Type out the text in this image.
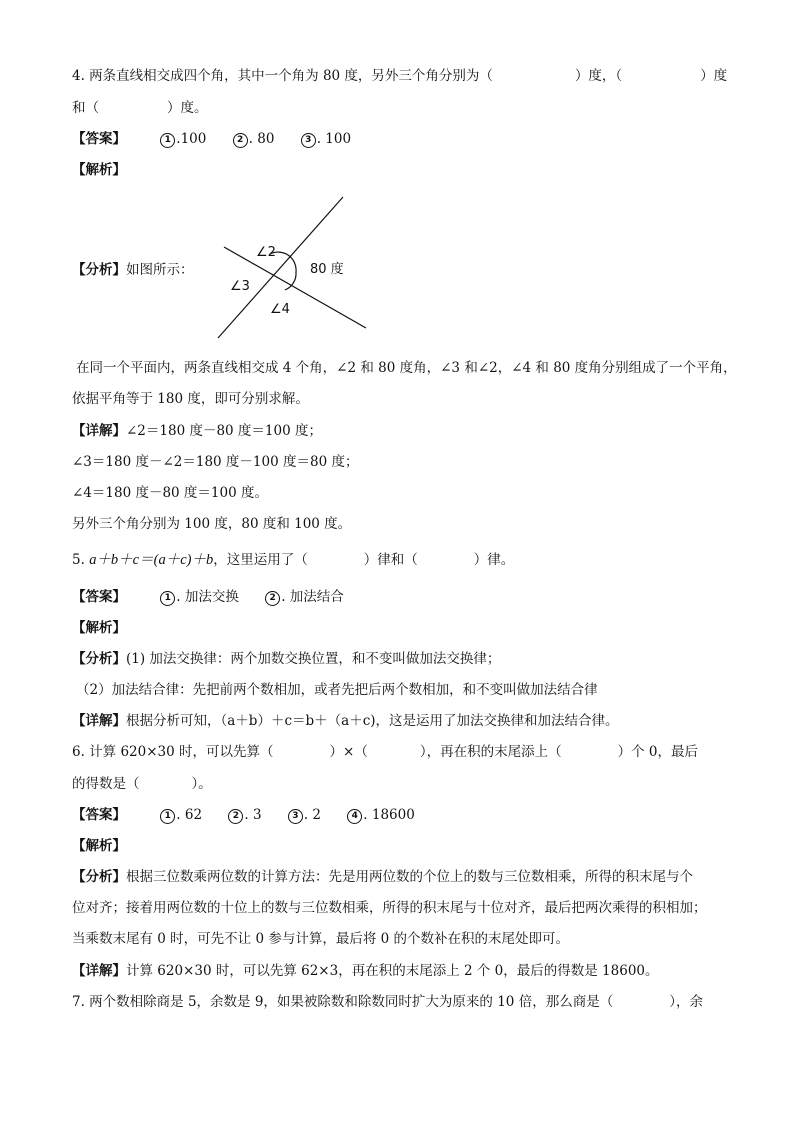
4. 两条直线相交成四个角，其中一个角为 80 度，另外三个角分别为（	）度，（	）度
和（	）度。
【答案】	1 .100	2 . 80	3 . 100
【解析】
【分析】如图所示：
∠2
∠3
∠4
80 度
在同一个平面内，两条直线相交成 4 个角，∠2 和 80 度角，∠3 和∠2，∠4 和 80 度角分别组成了一个平角，
依据平角等于 180 度，即可分别求解。
【详解】∠2＝180 度－80 度＝100 度；
∠3＝180 度－∠2＝180 度－100 度＝80 度；
∠4＝180 度－80 度＝100 度。
另外三个角分别为 100 度，80 度和 100 度。
5. a＋b＋c＝(a＋c)＋b，这里运用了（	）律和（	）律。
【答案】	1 . 加法交换	2 . 加法结合
【解析】
【分析】(1) 加法交换律：两个加数交换位置，和不变叫做加法交换律；
（2）加法结合律：先把前两个数相加，或者先把后两个数相加，和不变叫做加法结合律
【详解】根据分析可知，（a＋b）＋c＝b＋（a＋c)，这是运用了加法交换律和加法结合律。
6. 计算 620×30 时，可以先算（	）×（	），再在积的末尾添上（	）个 0，最后
的得数是（	）。
【答案】	1 . 62	2 . 3	3 . 2	4 . 18600
【解析】
【分析】根据三位数乘两位数的计算方法：先是用两位数的个位上的数与三位数相乘，所得的积末尾与个
位对齐；接着用两位数的十位上的数与三位数相乘，所得的积末尾与十位对齐，最后把两次乘得的积相加；
当乘数末尾有 0 时，可先不让 0 参与计算，最后将 0 的个数补在积的末尾处即可。
【详解】计算 620×30 时，可以先算 62×3，再在积的末尾添上 2 个 0，最后的得数是 18600。
7. 两个数相除商是 5，余数是 9，如果被除数和除数同时扩大为原来的 10 倍，那么商是（	），余
